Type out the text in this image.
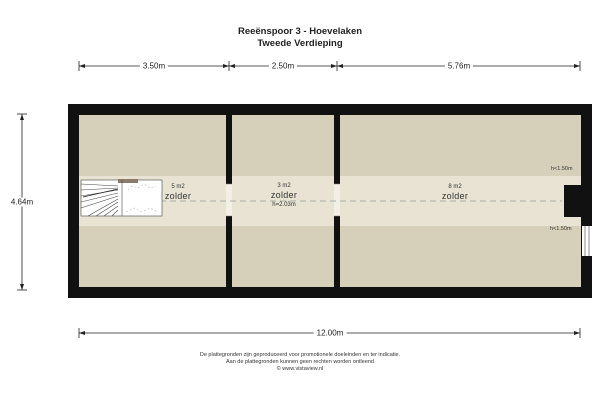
Reeënspoor 3 - Hoevelaken
Tweede Verdieping
3.50m	2.50m	5.76m
4.64m
12.00m
5 m2
zolder
3 m2
zolder
h=2.03m
8 m2
zolder
h<1.50m
h<1.50m
De plattegronden zijn geproduceerd voor promotionele doeleinden en ter indicatie.
Aan de plattegronden kunnen geen rechten worden ontleend
© www.vistaview.nl
